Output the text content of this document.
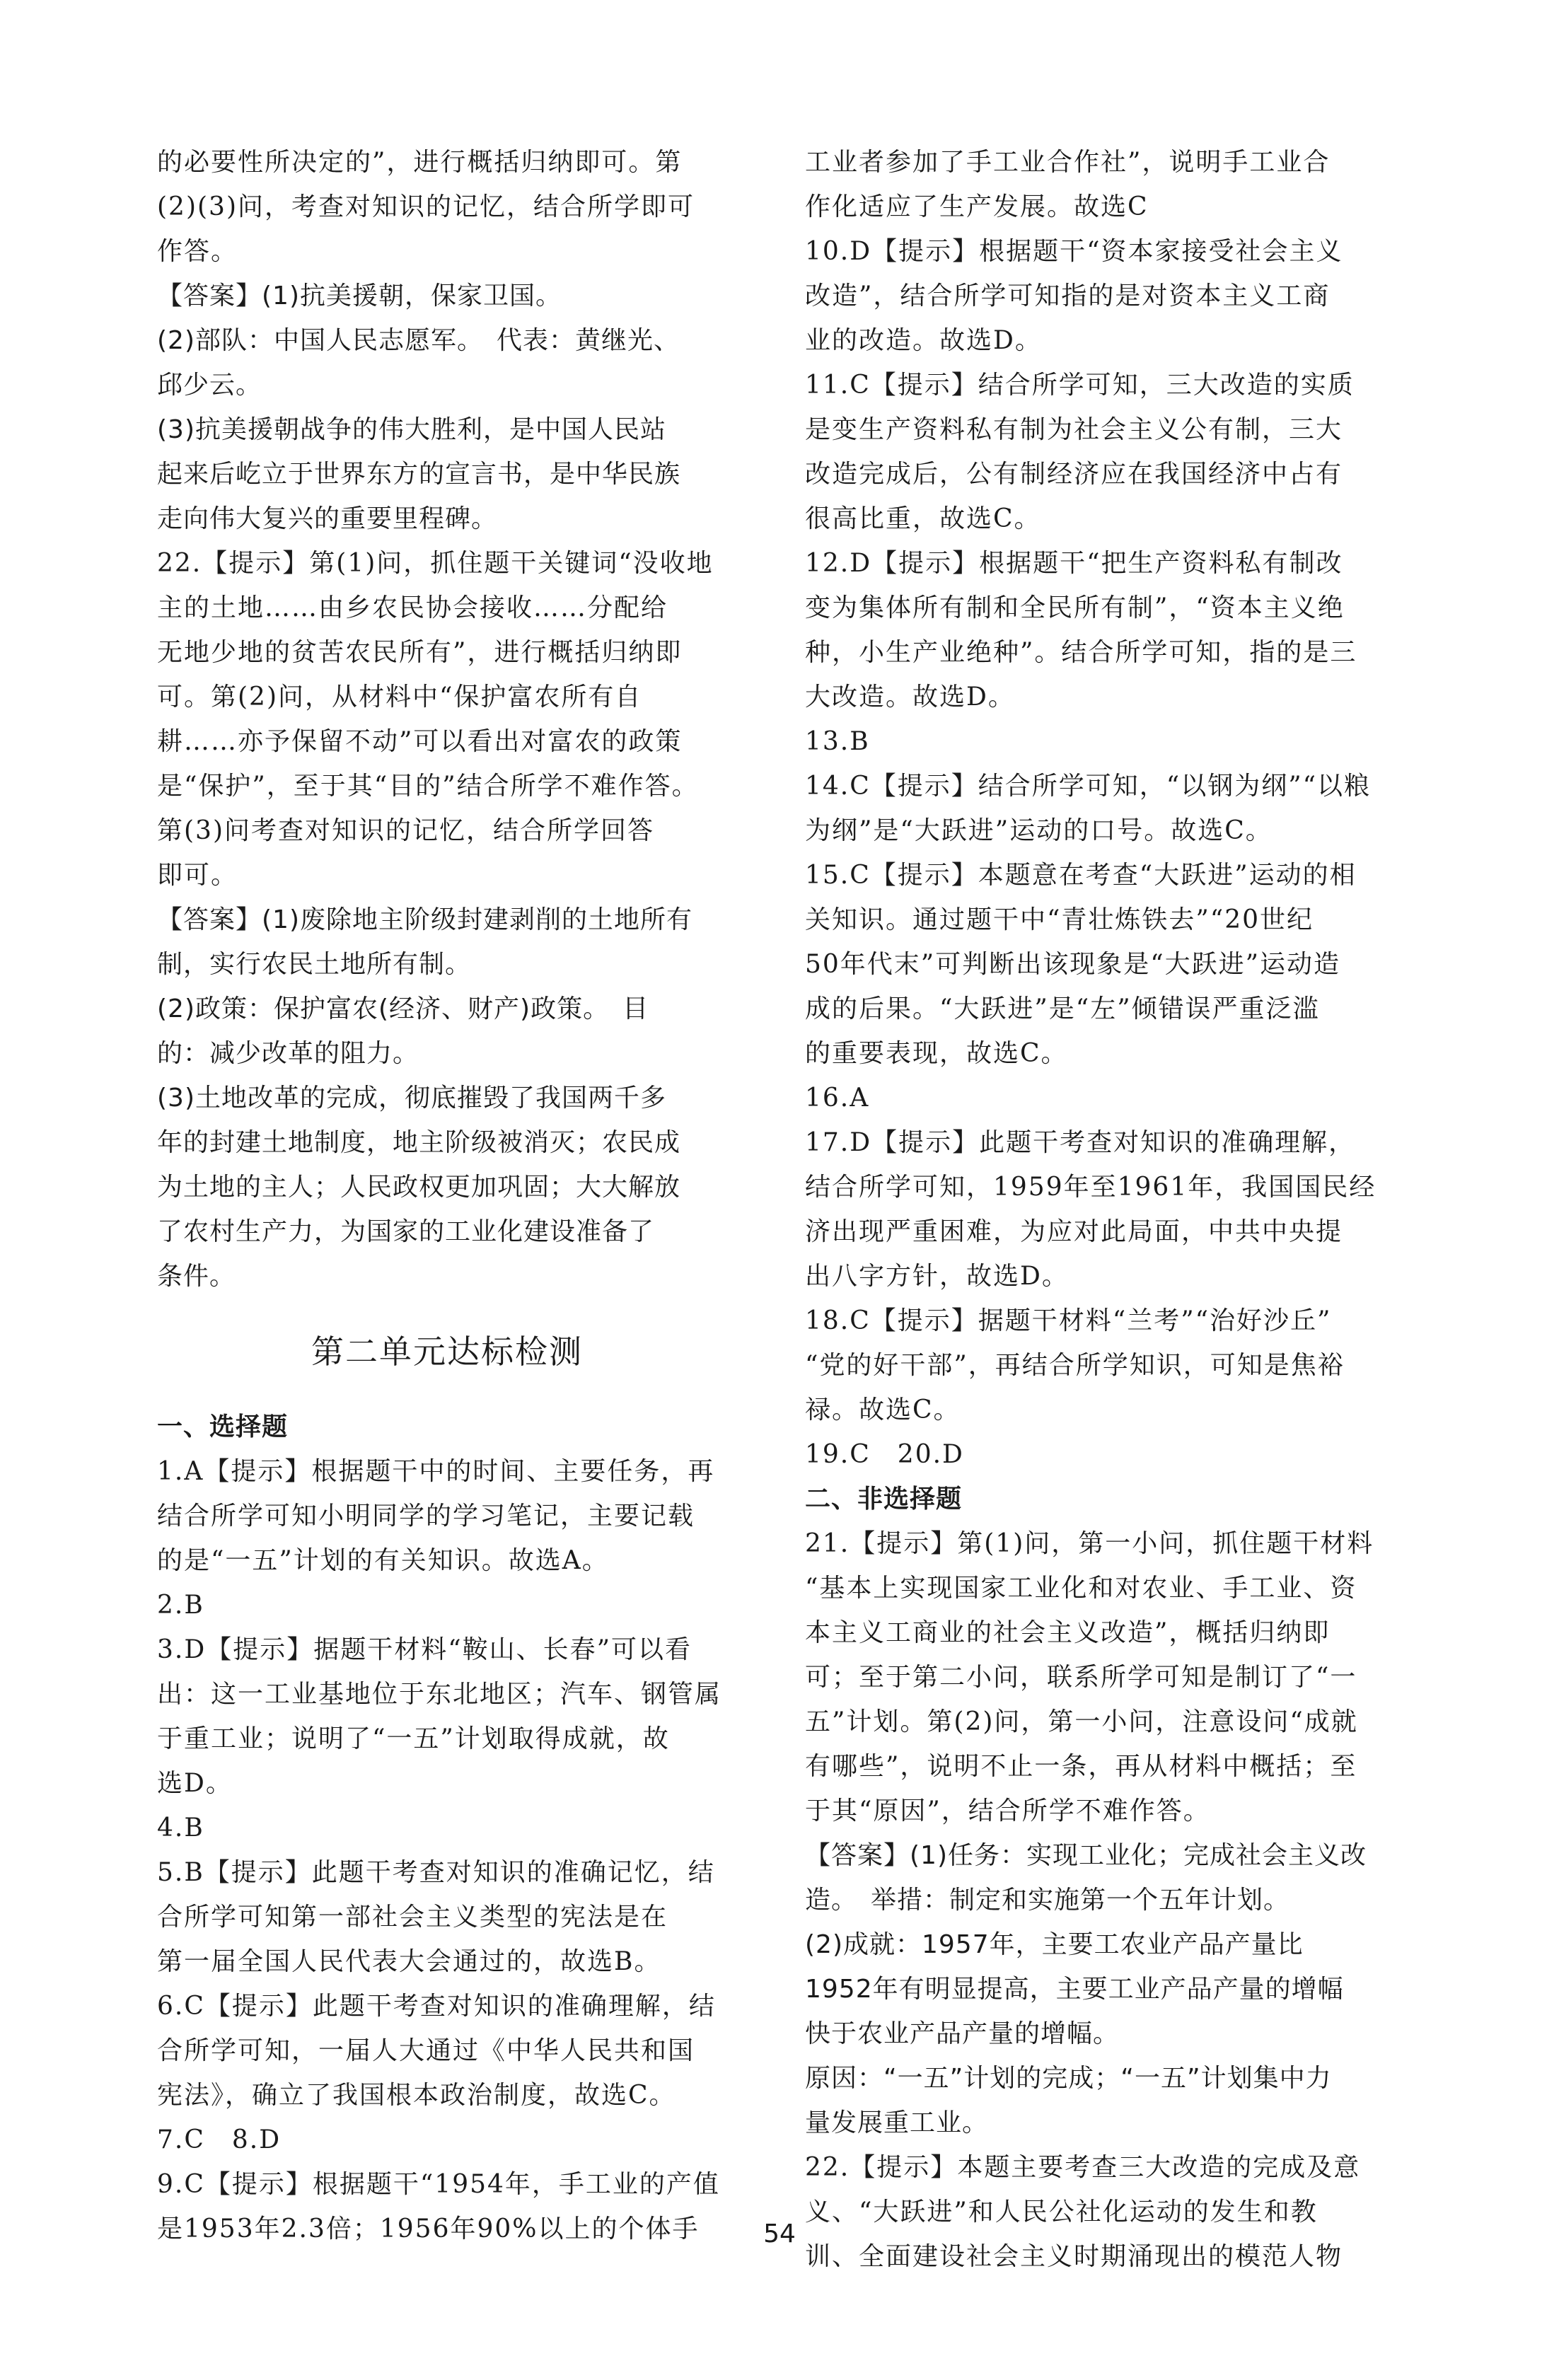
的必要性所决定的”，进行概括归纳即可。第
(2)(3)问，考查对知识的记忆，结合所学即可
作答。
【答案】(1)抗美援朝，保家卫国。
(2)部队：中国人民志愿军。　代表：黄继光、
邱少云。
(3)抗美援朝战争的伟大胜利，是中国人民站
起来后屹立于世界东方的宣言书，是中华民族
走向伟大复兴的重要里程碑。
22.【提示】第(1)问，抓住题干关键词“没收地
主的土地……由乡农民协会接收……分配给
无地少地的贫苦农民所有”，进行概括归纳即
可。第(2)问，从材料中“保护富农所有自
耕……亦予保留不动”可以看出对富农的政策
是“保护”，至于其“目的”结合所学不难作答。
第(3)问考查对知识的记忆，结合所学回答
即可。
【答案】(1)废除地主阶级封建剥削的土地所有
制，实行农民土地所有制。
(2)政策：保护富农(经济、财产)政策。　目
的：减少改革的阻力。
(3)土地改革的完成，彻底摧毁了我国两千多
年的封建土地制度，地主阶级被消灭；农民成
为土地的主人；人民政权更加巩固；大大解放
了农村生产力，为国家的工业化建设准备了
条件。
第二单元达标检测
一、选择题
1.A【提示】根据题干中的时间、主要任务，再
结合所学可知小明同学的学习笔记，主要记载
的是“一五”计划的有关知识。故选A。
2.B
3.D【提示】据题干材料“鞍山、长春”可以看
出：这一工业基地位于东北地区；汽车、钢管属
于重工业；说明了“一五”计划取得成就，故
选D。
4.B
5.B【提示】此题干考查对知识的准确记忆，结
合所学可知第一部社会主义类型的宪法是在
第一届全国人民代表大会通过的，故选B。
6.C【提示】此题干考查对知识的准确理解，结
合所学可知，一届人大通过《中华人民共和国
宪法》，确立了我国根本政治制度，故选C。
7.C　8.D
9.C【提示】根据题干“1954年，手工业的产值
是1953年2.3倍；1956年90%以上的个体手
工业者参加了手工业合作社”，说明手工业合
作化适应了生产发展。故选C
10.D【提示】根据题干“资本家接受社会主义
改造”，结合所学可知指的是对资本主义工商
业的改造。故选D。
11.C【提示】结合所学可知，三大改造的实质
是变生产资料私有制为社会主义公有制，三大
改造完成后，公有制经济应在我国经济中占有
很高比重，故选C。
12.D【提示】根据题干“把生产资料私有制改
变为集体所有制和全民所有制”，“资本主义绝
种，小生产业绝种”。结合所学可知，指的是三
大改造。故选D。
13.B
14.C【提示】结合所学可知，“以钢为纲”“以粮
为纲”是“大跃进”运动的口号。故选C。
15.C【提示】本题意在考查“大跃进”运动的相
关知识。通过题干中“青壮炼铁去”“20世纪
50年代末”可判断出该现象是“大跃进”运动造
成的后果。“大跃进”是“左”倾错误严重泛滥
的重要表现，故选C。
16.A
17.D【提示】此题干考查对知识的准确理解，
结合所学可知，1959年至1961年，我国国民经
济出现严重困难，为应对此局面，中共中央提
出八字方针，故选D。
18.C【提示】据题干材料“兰考”“治好沙丘”
“党的好干部”，再结合所学知识，可知是焦裕
禄。故选C。
19.C　20.D
二、非选择题
21.【提示】第(1)问，第一小问，抓住题干材料
“基本上实现国家工业化和对农业、手工业、资
本主义工商业的社会主义改造”，概括归纳即
可；至于第二小问，联系所学可知是制订了“一
五”计划。第(2)问，第一小问，注意设问“成就
有哪些”，说明不止一条，再从材料中概括；至
于其“原因”，结合所学不难作答。
【答案】(1)任务：实现工业化；完成社会主义改
造。　举措：制定和实施第一个五年计划。
(2)成就：1957年，主要工农业产品产量比
1952年有明显提高，主要工业产品产量的增幅
快于农业产品产量的增幅。
原因：“一五”计划的完成；“一五”计划集中力
量发展重工业。
22.【提示】本题主要考查三大改造的完成及意
义、“大跃进”和人民公社化运动的发生和教
训、全面建设社会主义时期涌现出的模范人物
54
